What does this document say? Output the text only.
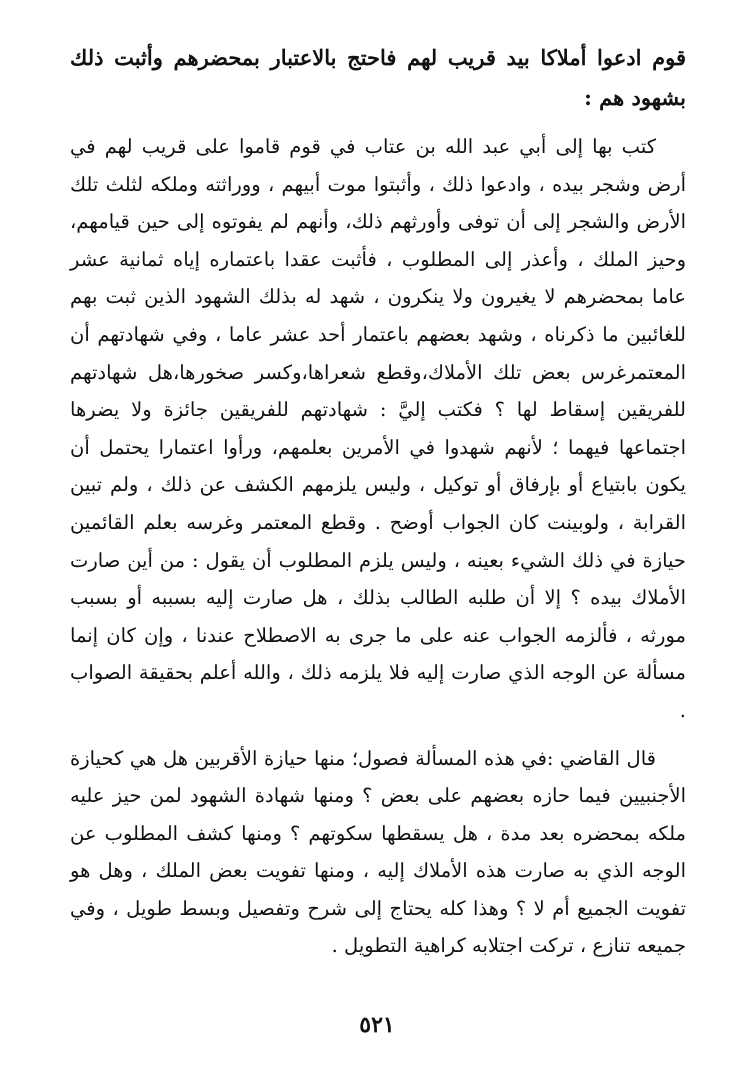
قوم ادعوا أملاكا بيد قريب لهم فاحتج بالاعتبار بمحضرهم وأثبت ذلك بشهود هم :

كتب بها إلى أبي عبد الله بن عتاب في قوم قاموا على قريب لهم في أرض وشجر بيده ، وادعوا ذلك ، وأثبتوا موت أبيهم ، ووراثته وملكه لثلث تلك الأرض والشجر إلى أن توفى وأورثهم ذلك، وأنهم لم يفوتوه إلى حين قيامهم، وحيز الملك ، وأعذر إلى المطلوب ، فأثبت عقدا باعتماره إياه ثمانية عشر عاما بمحضرهم لا يغيرون ولا ينكرون ، شهد له بذلك الشهود الذين ثبت بهم للغائبين ما ذكرناه ، وشهد بعضهم باعتمار أحد عشر عاما ، وفي شهادتهم أن المعتمرغرس بعض تلك الأملاك،وقطع شعراها،وكسر صخورها،هل شهادتهم للفريقين إسقاط لها ؟ فكتب إليَّ : شهادتهم للفريقين جائزة ولا يضرها اجتماعها فيهما ؛ لأنهم شهدوا في الأمرين بعلمهم، ورأوا اعتمارا يحتمل أن يكون بابتياع أو بإرفاق أو توكيل ، وليس يلزمهم الكشف عن ذلك ، ولم تبين القرابة ، ولوبينت كان الجواب أوضح . وقطع المعتمر وغرسه بعلم القائمين حيازة في ذلك الشيء بعينه ، وليس يلزم المطلوب أن يقول : من أين صارت الأملاك بيده ؟ إلا أن طلبه الطالب بذلك ، هل صارت إليه بسببه أو بسبب مورثه ، فألزمه الجواب عنه على ما جرى به الاصطلاح عندنا ، وإن كان إنما مسألة عن الوجه الذي صارت إليه فلا يلزمه ذلك ، والله أعلم بحقيقة الصواب .

قال القاضي :في هذه المسألة فصول؛ منها حيازة الأقربين هل هي كحيازة الأجنبيين فيما حازه بعضهم على بعض ؟ ومنها شهادة الشهود لمن حيز عليه ملكه بمحضره بعد مدة ، هل يسقطها سكوتهم ؟ ومنها كشف المطلوب عن الوجه الذي به صارت هذه الأملاك إليه ، ومنها تفويت بعض الملك ، وهل هو تفويت الجميع أم لا ؟ وهذا كله يحتاج إلى شرح وتفصيل وبسط طويل ، وفي جميعه تنازع ، تركت اجتلابه كراهية التطويل .

٥٢١
